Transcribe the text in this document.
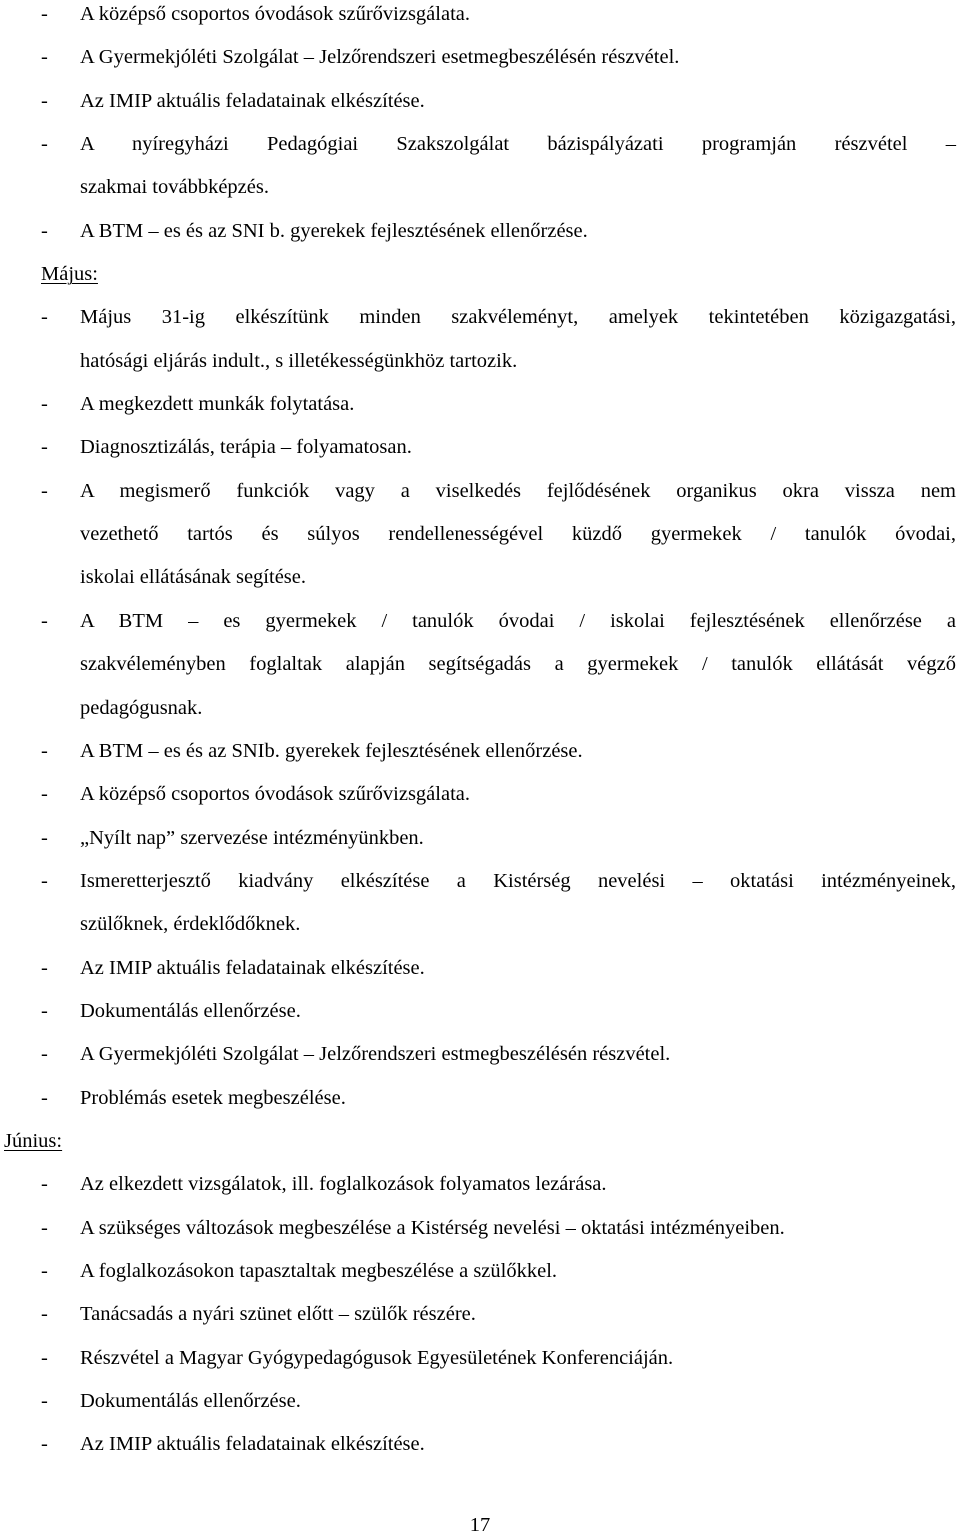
- A középső csoportos óvodások szűrővizsgálata.
- A Gyermekjóléti Szolgálat – Jelzőrendszeri esetmegbeszélésén részvétel.
- Az IMIP aktuális feladatainak elkészítése.
- A nyíregyházi Pedagógiai Szakszolgálat bázispályázati programján részvétel –
szakmai továbbképzés.
- A BTM – es és az SNI b. gyerekek fejlesztésének ellenőrzése.
Május:
- Május 31-ig elkészítünk minden szakvéleményt, amelyek tekintetében közigazgatási,
hatósági eljárás indult., s illetékességünkhöz tartozik.
- A megkezdett munkák folytatása.
- Diagnosztizálás, terápia – folyamatosan.
- A megismerő funkciók vagy a viselkedés fejlődésének organikus okra vissza nem
vezethető tartós és súlyos rendellenességével küzdő gyermekek / tanulók óvodai,
iskolai ellátásának segítése.
- A BTM – es gyermekek / tanulók óvodai / iskolai fejlesztésének ellenőrzése a
szakvéleményben foglaltak alapján segítségadás a gyermekek / tanulók ellátását végző
pedagógusnak.
- A BTM – es és az SNIb. gyerekek fejlesztésének ellenőrzése.
- A középső csoportos óvodások szűrővizsgálata.
- „Nyílt nap” szervezése intézményünkben.
- Ismeretterjesztő kiadvány elkészítése a Kistérség nevelési – oktatási intézményeinek,
szülőknek, érdeklődőknek.
- Az IMIP aktuális feladatainak elkészítése.
- Dokumentálás ellenőrzése.
- A Gyermekjóléti Szolgálat – Jelzőrendszeri estmegbeszélésén részvétel.
- Problémás esetek megbeszélése.
Június:
- Az elkezdett vizsgálatok, ill. foglalkozások folyamatos lezárása.
- A szükséges változások megbeszélése a Kistérség nevelési – oktatási intézményeiben.
- A foglalkozásokon tapasztaltak megbeszélése a szülőkkel.
- Tanácsadás a nyári szünet előtt – szülők részére.
- Részvétel a Magyar Gyógypedagógusok Egyesületének Konferenciáján.
- Dokumentálás ellenőrzése.
- Az IMIP aktuális feladatainak elkészítése.
17
